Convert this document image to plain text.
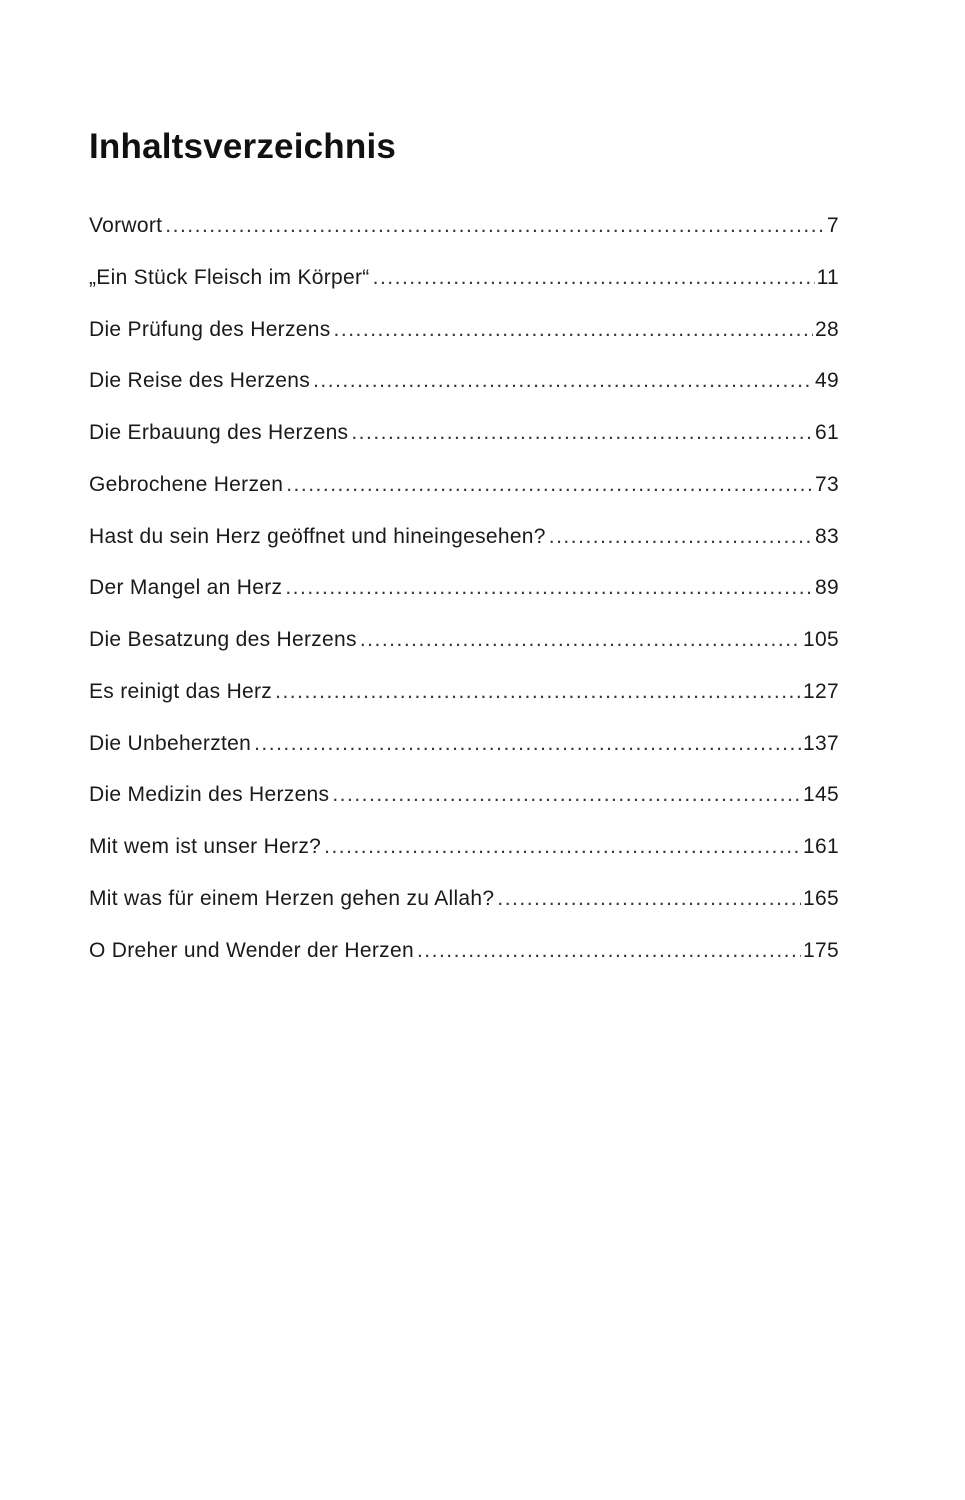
Inhaltsverzeichnis
Vorwort .....	7
„Ein Stück Fleisch im Körper“ .....	11
Die Prüfung des Herzens .....	28
Die Reise des Herzens .....	49
Die Erbauung des Herzens .....	61
Gebrochene Herzen .....	73
Hast du sein Herz geöffnet und hineingesehen? .....	83
Der Mangel an Herz .....	89
Die Besatzung des Herzens .....	105
Es reinigt das Herz .....	127
Die Unbeherzten .....	137
Die Medizin des Herzens .....	145
Mit wem ist unser Herz? .....	161
Mit was für einem Herzen gehen zu Allah? .....	165
O Dreher und Wender der Herzen .....	175
